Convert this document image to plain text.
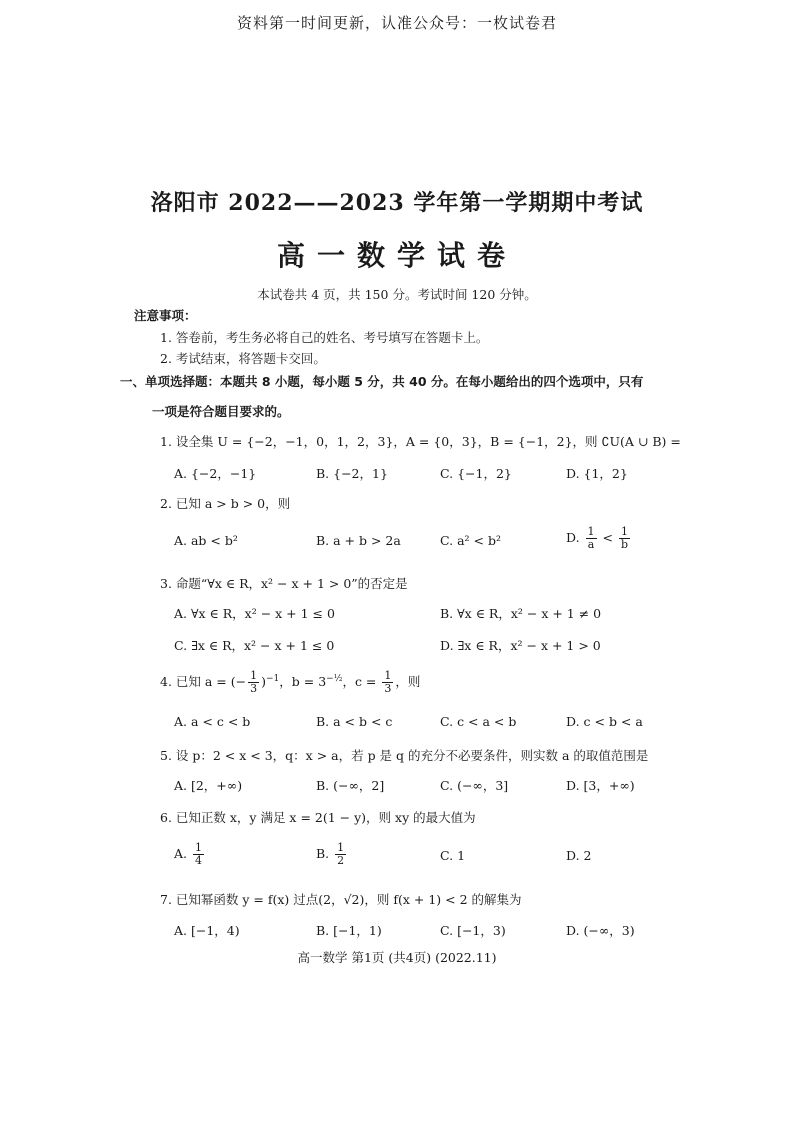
资料第一时间更新，认准公众号：一枚试卷君
洛阳市 2022——2023 学年第一学期期中考试
高一数学试卷
本试卷共 4 页，共 150 分。考试时间 120 分钟。
注意事项：
1. 答卷前，考生务必将自己的姓名、考号填写在答题卡上。
2. 考试结束，将答题卡交回。
一、单项选择题：本题共 8 小题，每小题 5 分，共 40 分。在每小题给出的四个选项中，只有
一项是符合题目要求的。
1. 设全集 U = {−2，−1，0，1，2，3}，A = {0，3}，B = {−1，2}，则 ∁U(A ∪ B) =
A. {−2，−1}	B. {−2，1}	C. {−1，2}	D. {1，2}
2. 已知 a > b > 0，则
A. ab < b²	B. a + b > 2a	C. a² < b²	D. $\frac{1}{a} < \frac{1}{b}$
3. 命题“∀x ∈ R，x² − x + 1 > 0”的否定是
A. ∀x ∈ R，x² − x + 1 ≤ 0	B. ∀x ∈ R，x² − x + 1 ≠ 0
C. ∃x ∈ R，x² − x + 1 ≤ 0	D. ∃x ∈ R，x² − x + 1 > 0
4. 已知 a = (− $\frac{1}{3} )^{-1}$，$b = 3^{-\frac{1}{2}}$，$c = \frac{1}{3}$ ，则
A. a < c < b	B. a < b < c	C. c < a < b	D. c < b < a
5. 设 p：2 < x < 3，q：x > a，若 p 是 q 的充分不必要条件，则实数 a 的取值范围是
A. [2，+∞)	B. (−∞，2]	C. (−∞，3]	D. [3，+∞)
6. 已知正数 x，y 满足 x = 2(1 − y)，则 xy 的最大值为
A. $\frac{1}{4}$	B. $\frac{1}{2}$	C. 1	D. 2
7. 已知幂函数 y = f(x) 过点(2，√2)，则 f(x + 1) < 2 的解集为
A. [−1，4)	B. [−1，1)	C. [−1，3)	D. (−∞，3)
高一数学 第1页 (共4页) (2022.11)
